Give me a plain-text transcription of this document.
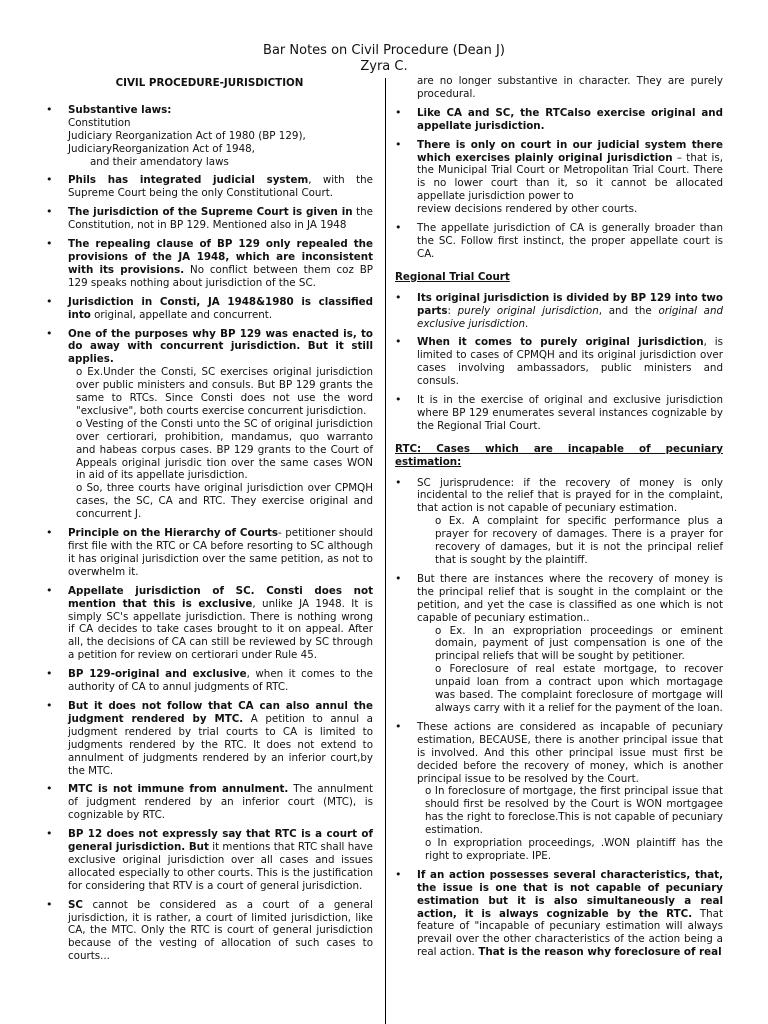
Bar Notes on Civil Procedure (Dean J)
Zyra C.
CIVIL PROCEDURE-JURISDICTION
• Substantive laws:
Constitution
Judiciary Reorganization Act of 1980 (BP 129),
JudiciaryReorganization Act of 1948,
and their amendatory laws
• Phils has integrated judicial system, with the Supreme Court being the only Constitutional Court.
• The jurisdiction of the Supreme Court is given in the Constitution, not in BP 129. Mentioned also in JA 1948
• The repealing clause of BP 129 only repealed the provisions of the JA 1948, which are inconsistent with its provisions. No conflict between them coz BP 129 speaks nothing about jurisdiction of the SC.
• Jurisdiction in Consti, JA 1948&1980 is classified into original, appellate and concurrent.
• One of the purposes why BP 129 was enacted is, to do away with concurrent jurisdiction. But it still applies.
o Ex.Under the Consti, SC exercises original jurisdiction over public ministers and consuls. But BP 129 grants the same to RTCs. Since Consti does not use the word "exclusive", both courts exercise concurrent jurisdiction.
o Vesting of the Consti unto the SC of original jurisdiction over certiorari, prohibition, mandamus, quo warranto and habeas corpus cases. BP 129 grants to the Court of Appeals original jurisdic tion over the same cases WON in aid of its appellate jurisdiction.
o So, three courts have original jurisdiction over CPMQH cases, the SC, CA and RTC. They exercise original and concurrent J.
• Principle on the Hierarchy of Courts- petitioner should first file with the RTC or CA before resorting to SC although it has original jurisdiction over the same petition, as not to overwhelm it.
• Appellate jurisdiction of SC. Consti does not mention that this is exclusive, unlike JA 1948. It is simply SC's appellate jurisdiction. There is nothing wrong if CA decides to take cases brought to it on appeal. After all, the decisions of CA can still be reviewed by SC through a petition for review on certiorari under Rule 45.
• BP 129-original and exclusive, when it comes to the authority of CA to annul judgments of RTC.
• But it does not follow that CA can also annul the judgment rendered by MTC. A petition to annul a judgment rendered by trial courts to CA is limited to judgments rendered by the RTC. It does not extend to annulment of judgments rendered by an inferior court,by the MTC.
• MTC is not immune from annulment. The annulment of judgment rendered by an inferior court (MTC), is cognizable by RTC.
• BP 12 does not expressly say that RTC is a court of general jurisdiction. But it mentions that RTC shall have exclusive original jurisdiction over all cases and issues allocated especially to other courts. This is the justification for considering that RTV is a court of general jurisdiction.
• SC cannot be considered as a court of a general jurisdiction, it is rather, a court of limited jurisdiction, like CA, the MTC. Only the RTC is court of general jurisdiction because of the vesting of allocation of such cases to courts...
are no longer substantive in character. They are purely procedural.
• Like CA and SC, the RTCalso exercise original and appellate jurisdiction.
• There is only on court in our judicial system there which exercises plainly original jurisdiction – that is, the Municipal Trial Court or Metropolitan Trial Court. There is no lower court than it, so it cannot be allocated appellate jurisdiction power to
review decisions rendered by other courts.
• The appellate jurisdiction of CA is generally broader than the SC. Follow first instinct, the proper appellate court is CA.
Regional Trial Court
• Its original jurisdiction is divided by BP 129 into two parts: purely original jurisdiction, and the original and exclusive jurisdiction.
• When it comes to purely original jurisdiction, is limited to cases of CPMQH and its original jurisdiction over cases involving ambassadors, public ministers and consuls.
• It is in the exercise of original and exclusive jurisdiction where BP 129 enumerates several instances cognizable by the Regional Trial Court.
RTC: Cases which are incapable of pecuniary estimation:
• SC jurisprudence: if the recovery of money is only incidental to the relief that is prayed for in the complaint, that action is not capable of pecuniary estimation.
o Ex. A complaint for specific performance plus a prayer for recovery of damages. There is a prayer for recovery of damages, but it is not the principal relief that is sought by the plaintiff.
• But there are instances where the recovery of money is the principal relief that is sought in the complaint or the petition, and yet the case is classified as one which is not capable of pecuniary estimation..
o Ex. In an expropriation proceedings or eminent domain, payment of just compensation is one of the principal reliefs that will be sought by petitioner.
o Foreclosure of real estate mortgage, to recover unpaid loan from a contract upon which mortagage was based. The complaint foreclosure of mortgage will always carry with it a relief for the payment of the loan.
• These actions are considered as incapable of pecuniary estimation, BECAUSE, there is another principal issue that is involved. And this other principal issue must first be decided before the recovery of money, which is another principal issue to be resolved by the Court.
o In foreclosure of mortgage, the first principal issue that should first be resolved by the Court is WON mortgagee has the right to foreclose.This is not capable of pecuniary estimation.
o In expropriation proceedings, .WON plaintiff has the right to expropriate. IPE.
• If an action possesses several characteristics, that, the issue is one that is not capable of pecuniary estimation but it is also simultaneously a real action, it is always cognizable by the RTC. That feature of "incapable of pecuniary estimation will always prevail over the other characteristics of the action being a real action. That is the reason why foreclosure of real
